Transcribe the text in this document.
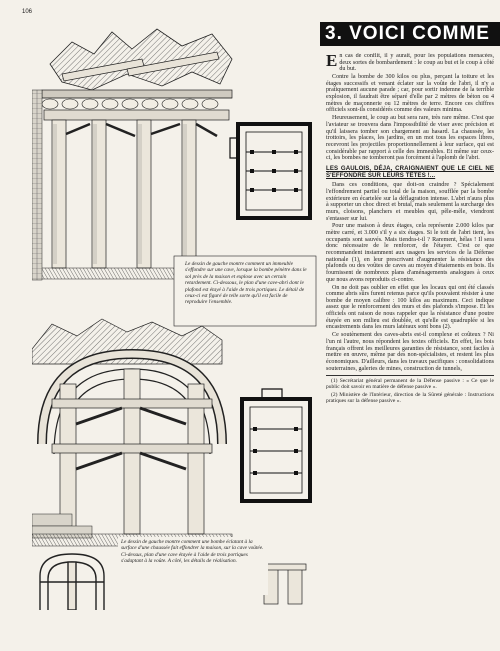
106
3. VOICI COMME
Le dessin de gauche montre comment un immeuble s'effondre sur une cave, lorsque la bombe pénètre dans le sol près de la maison et explose avec un certain retardement. Ci-dessous, le plan d'une cave-abri dont le plafond est étayé à l'aide de trois portiques. Le détail de ceux-ci est figuré de telle sorte qu'il est facile de reproduire l'ensemble.
Le dessin de gauche montre comment une bombe éclatant à la surface d'une chaussée fait effondrer la maison, sur la cave voûtée. Ci-dessus, plan d'une cave étayée à l'aide de trois portiques s'adaptant à la voûte. A côté, les détails de réalisation.

En cas de conflit, il y aurait, pour les populations menacées, deux sortes de bombardement : le coup au but et le coup à côté du but.

Contre la bombe de 300 kilos ou plus, perçant la toiture et les étages successifs et venant éclater sur la voûte de l'abri, il n'y a pratiquement aucune parade ; car, pour sortir indemne de la terrible explosion, il faudrait être séparé d'elle par 2 mètres de béton ou 4 mètres de maçonnerie ou 12 mètres de terre. Encore ces chiffres officiels sont-ils considérés comme des valeurs minima.

Heureusement, le coup au but sera rare, très rare même. C'est que l'aviateur se trouvera dans l'impossibilité de viser avec précision et qu'il laissera tomber son chargement au hasard. La chaussée, les trottoirs, les places, les jardins, en un mot tous les espaces libres, recevront les projectiles proportionnellement à leur surface, qui est considérable par rapport à celle des immeubles. Et même sur ceux-ci, les bombes ne tomberont pas forcément à l'aplomb de l'abri.

LES GAULOIS, DÉJA, CRAIGNAIENT QUE LE CIEL NE S'EFFONDRE SUR LEURS TÊTES !...

Dans ces conditions, que doit-on craindre ? Spécialement l'effondrement partiel ou total de la maison, soufflée par la bombe extérieure en écartelée sur la déflagration intense. L'abri n'aura plus à supporter un choc direct et brutal, mais seulement la surcharge des murs, cloisons, planchers et meubles qui, pêle-mêle, viendront s'entasser sur lui.

Pour une maison à deux étages, cela représente 2.000 kilos par mètre carré, et 3.000 s'il y a six étages. Si le toit de l'abri tient, les occupants sont sauvés. Mais tiendra-t-il ? Rarement, hélas ! Il sera donc nécessaire de le renforcer, de l'étayer. C'est ce que recommandent instamment aux usagers les services de la Défense nationale (1), en leur prescrivant d'augmenter la résistance des plafonds ou des voûtes de caves au moyen d'étaiements en bois. Ils fournissent de nombreux plans d'aménagements analogues à ceux que nous avons reproduits ci-contre.

On ne doit pas oublier en effet que les locaux qui ont été classés comme abris sûrs furent retenus parce qu'ils pouvaient résister à une bombe de moyen calibre : 100 kilos au maximum. Ceci indique assez que le renforcement des murs et des plafonds s'impose. Et les officiels ont raison de nous rappeler que la résistance d'une poutre étayée en son milieu est doublée, et qu'elle est quadruplée si les encastrements dans les murs latéraux sont bons (2).

Ce soutènement des caves-abris est-il complexe et coûteux ? Ni l'un ni l'autre, nous répondent les textes officiels. En effet, les bois français offrent les meilleures garanties de résistance, sont faciles à mettre en œuvre, même par des non-spécialistes, et restent les plus économiques. D'ailleurs, dans les travaux pacifiques : consolidations souterraines, galeries de mines, construction de tunnels,

(1) Secrétariat général permanent de la Défense passive : « Ce que le public doit savoir en matière de défense passive ».

(2) Ministère de l'Intérieur, direction de la Sûreté générale : Instructions pratiques sur la défense passive ».
